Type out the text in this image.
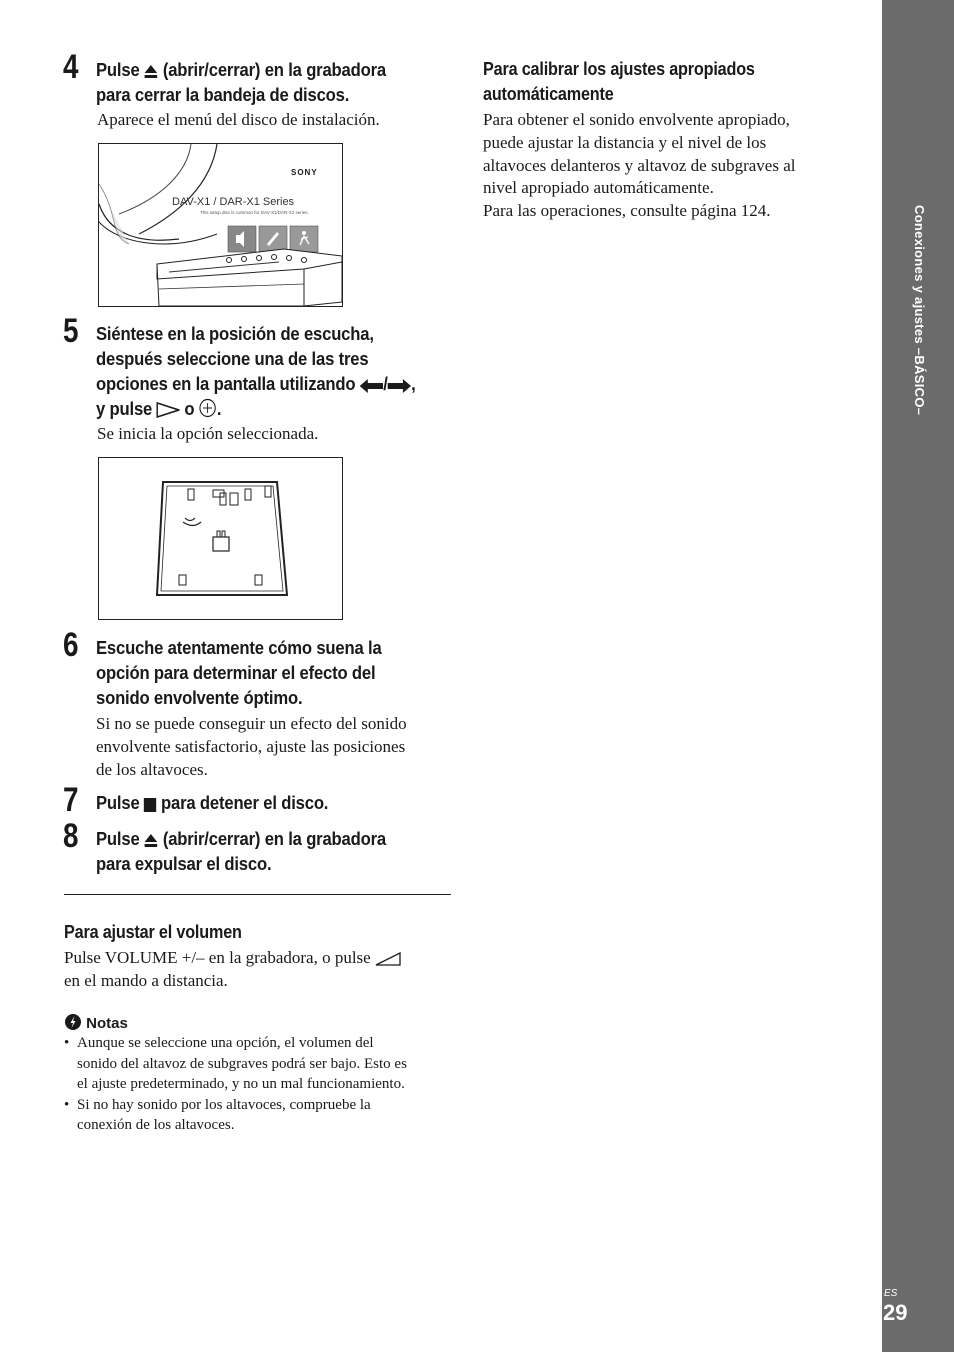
4 Pulse  (abrir/cerrar) en la grabadora
para cerrar la bandeja de discos.
Aparece el menú del disco de instalación.
SONY
DAV-X1 / DAR-X1 Series
This setup disc is common for DAV-X1/DAR-X1 series.
5 Siéntese en la posición de escucha,
después seleccione una de las tres
opciones en la pantalla utilizando / ,
y pulse  o .
Se inicia la opción seleccionada.
6 Escuche atentamente cómo suena la
opción para determinar el efecto del
sonido envolvente óptimo.
Si no se puede conseguir un efecto del sonido
envolvente satisfactorio, ajuste las posiciones
de los altavoces.
7 Pulse  para detener el disco.
8 Pulse  (abrir/cerrar) en la grabadora
para expulsar el disco.
Para ajustar el volumen
Pulse VOLUME +/– en la grabadora, o pulse
en el mando a distancia.
Notas
• Aunque se seleccione una opción, el volumen del
sonido del altavoz de subgraves podrá ser bajo. Esto es
el ajuste predeterminado, y no un mal funcionamiento.
• Si no hay sonido por los altavoces, compruebe la
conexión de los altavoces.
Para calibrar los ajustes apropiados
automáticamente
Para obtener el sonido envolvente apropiado,
puede ajustar la distancia y el nivel de los
altavoces delanteros y altavoz de subgraves al
nivel apropiado automáticamente.
Para las operaciones, consulte página 124.	Conexiones y ajustes –BÁSICO–
ES
29
